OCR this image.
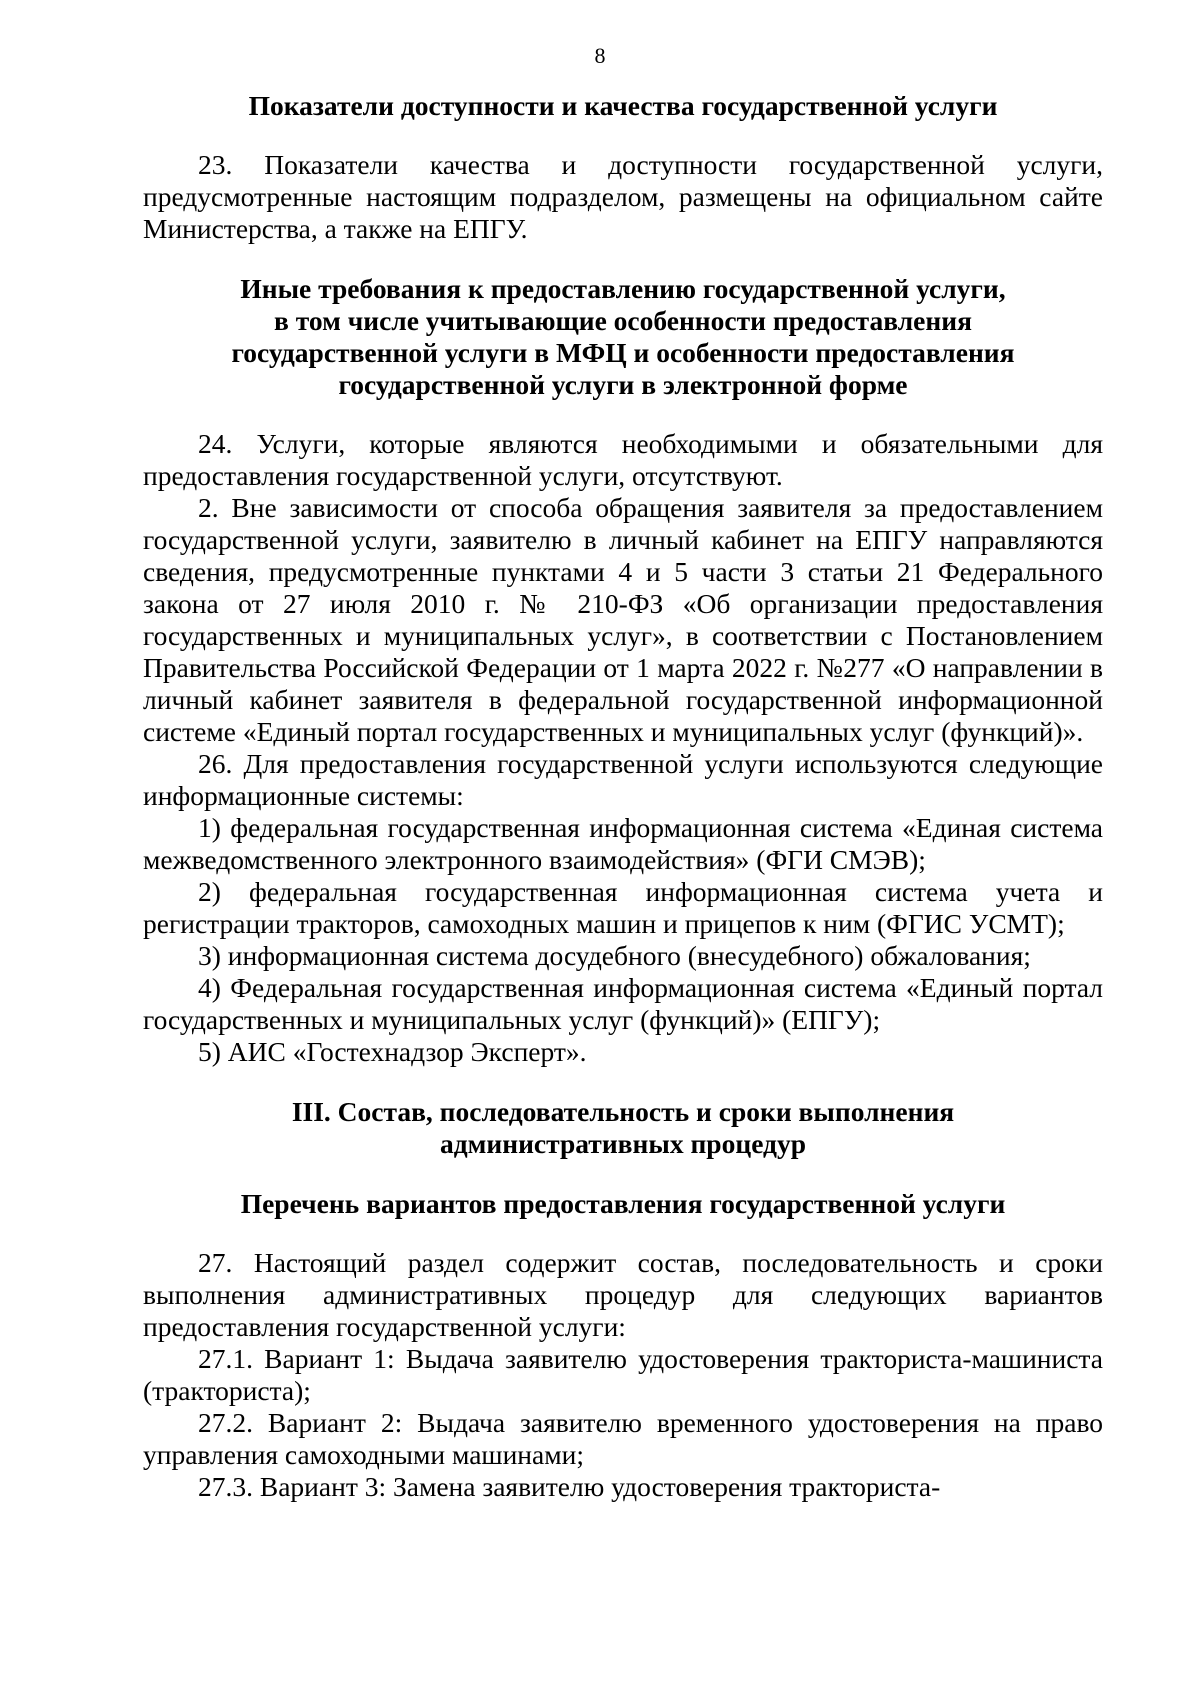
8

Показатели доступности и качества государственной услуги

23. Показатели качества и доступности государственной услуги, предусмотренные настоящим подразделом, размещены на официальном сайте Министерства, а также на ЕПГУ.

Иные требования к предоставлению государственной услуги,

в том числе учитывающие особенности предоставления

государственной услуги в МФЦ и особенности предоставления

государственной услуги в электронной форме

24. Услуги, которые являются необходимыми и обязательными для предоставления государственной услуги, отсутствуют.

2. Вне зависимости от способа обращения заявителя за предоставлением государственной услуги, заявителю в личный кабинет на ЕПГУ направляются сведения, предусмотренные пунктами 4 и 5 части 3 статьи 21 Федерального закона от 27 июля 2010 г. № 210-ФЗ «Об организации предоставления государственных и муниципальных услуг», в соответствии с Постановлением Правительства Российской Федерации от 1 марта 2022 г. №277 «О направлении в личный кабинет заявителя в федеральной государственной информационной системе «Единый портал государственных и муниципальных услуг (функций)».

26. Для предоставления государственной услуги используются следующие информационные системы:

1) федеральная государственная информационная система «Единая система межведомственного электронного взаимодействия» (ФГИ СМЭВ);

2) федеральная государственная информационная система учета и регистрации тракторов, самоходных машин и прицепов к ним (ФГИС УСМТ);

3) информационная система досудебного (внесудебного) обжалования;

4) Федеральная государственная информационная система «Единый портал государственных и муниципальных услуг (функций)» (ЕПГУ);

5) АИС «Гостехнадзор Эксперт».

III. Состав, последовательность и сроки выполнения

административных процедур

Перечень вариантов предоставления государственной услуги

27. Настоящий раздел содержит состав, последовательность и сроки выполнения административных процедур для следующих вариантов предоставления государственной услуги:

27.1. Вариант 1: Выдача заявителю удостоверения тракториста-машиниста (тракториста);

27.2. Вариант 2: Выдача заявителю временного удостоверения на право управления самоходными машинами;

27.3. Вариант 3: Замена заявителю удостоверения тракториста-
